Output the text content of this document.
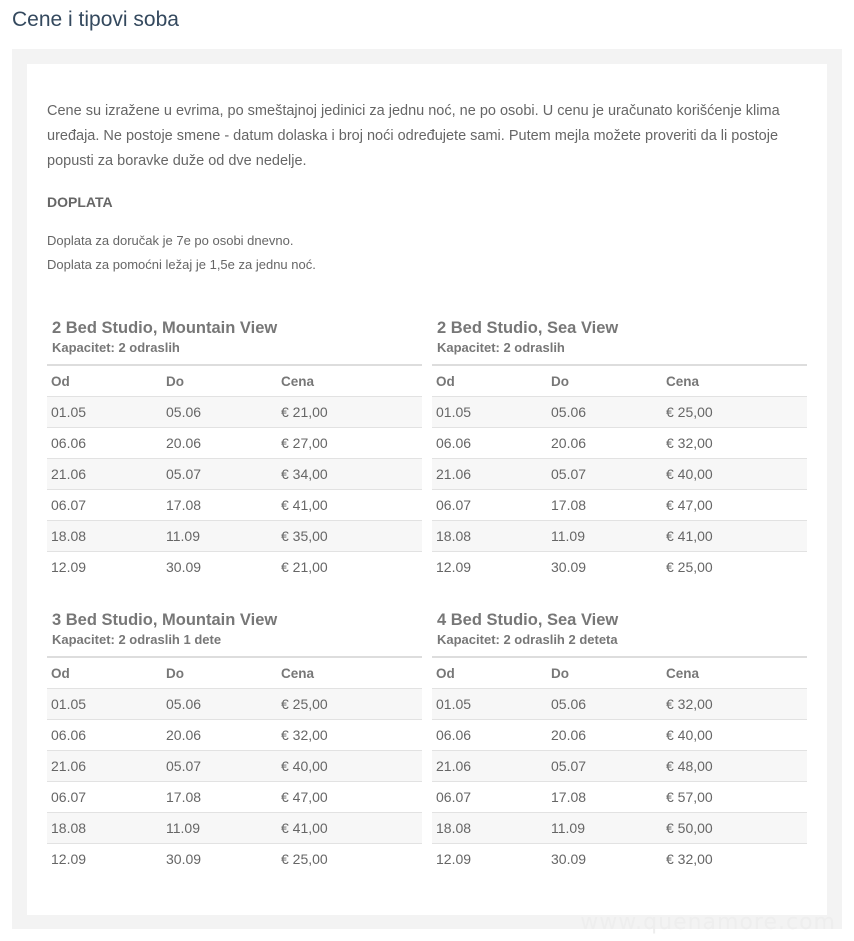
Cene i tipovi soba

Cene su izražene u evrima, po smeštajnoj jedinici za jednu noć, ne po osobi. U cenu je uračunato korišćenje klima uređaja. Ne postoje smene - datum dolaska i broj noći određujete sami. Putem mejla možete proveriti da li postoje popusti za boravke duže od dve nedelje.

DOPLATA

Doplata za doručak je 7e po osobi dnevno.

Doplata za pomoćni ležaj je 1,5e za jednu noć.

2 Bed Studio, Mountain View

Kapacitet: 2 odraslih

Od	Do	Cena
01.05	05.06	€ 21,00
06.06	20.06	€ 27,00
21.06	05.07	€ 34,00
06.07	17.08	€ 41,00
18.08	11.09	€ 35,00
12.09	30.09	€ 21,00
2 Bed Studio, Sea View

Kapacitet: 2 odraslih

Od	Do	Cena
01.05	05.06	€ 25,00
06.06	20.06	€ 32,00
21.06	05.07	€ 40,00
06.07	17.08	€ 47,00
18.08	11.09	€ 41,00
12.09	30.09	€ 25,00
3 Bed Studio, Mountain View

Kapacitet: 2 odraslih 1 dete

Od	Do	Cena
01.05	05.06	€ 25,00
06.06	20.06	€ 32,00
21.06	05.07	€ 40,00
06.07	17.08	€ 47,00
18.08	11.09	€ 41,00
12.09	30.09	€ 25,00
4 Bed Studio, Sea View

Kapacitet: 2 odraslih 2 deteta

Od	Do	Cena
01.05	05.06	€ 32,00
06.06	20.06	€ 40,00
21.06	05.07	€ 48,00
06.07	17.08	€ 57,00
18.08	11.09	€ 50,00
12.09	30.09	€ 32,00
www.quenamore.com
